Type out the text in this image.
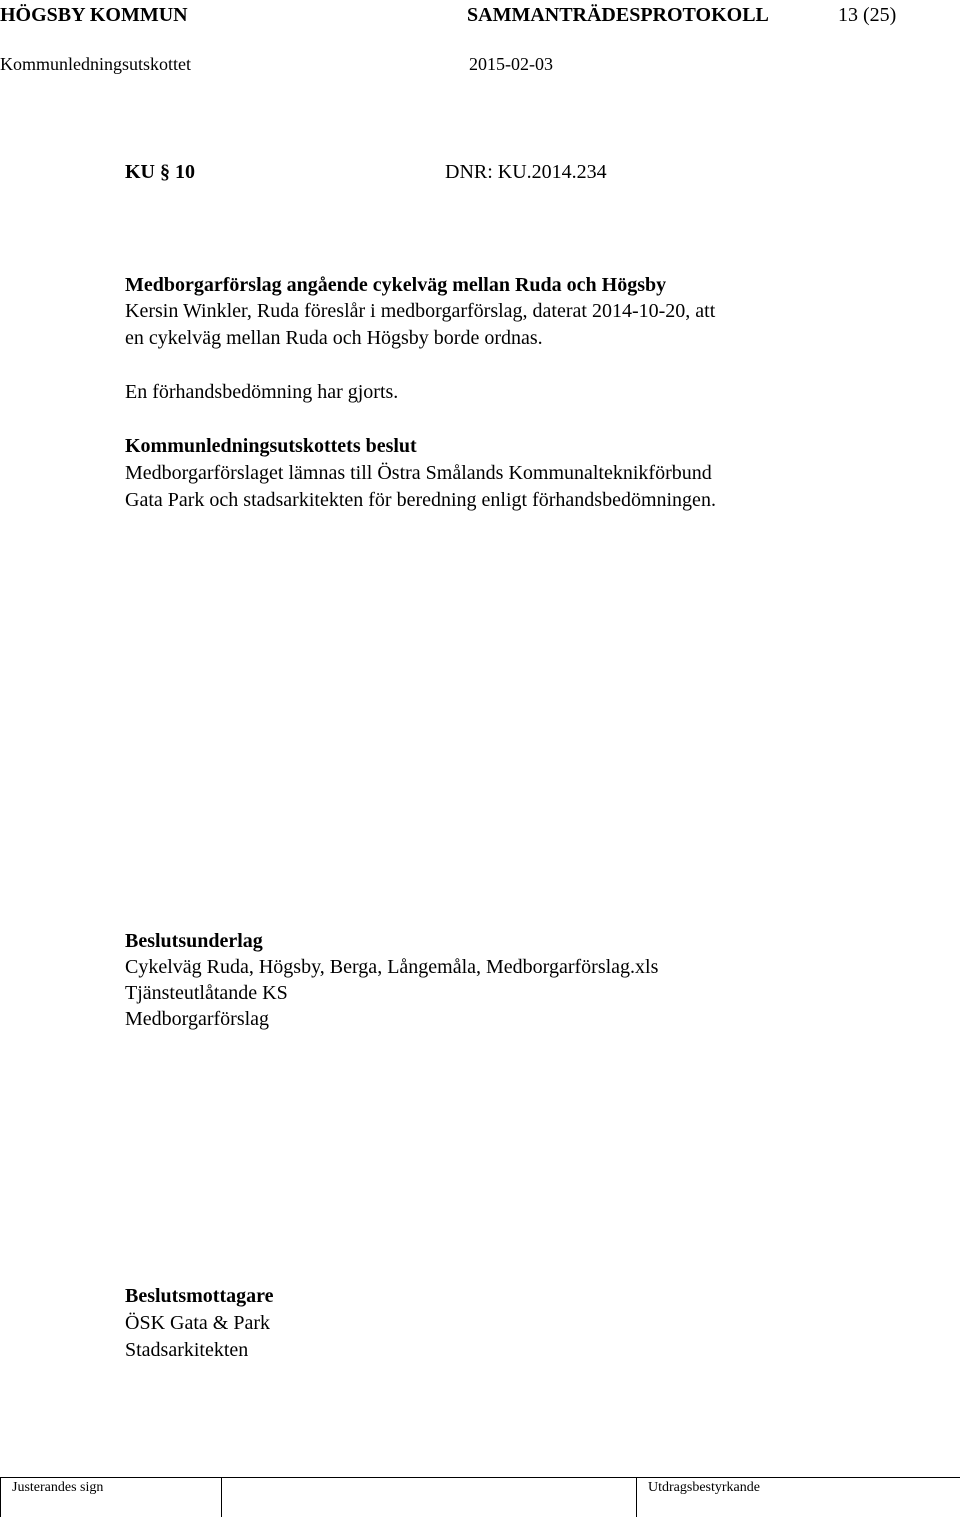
HÖGSBY KOMMUN	SAMMANTRÄDESPROTOKOLL	13 (25)
Kommunledningsutskottet	2015-02-03
KU § 10	DNR: KU.2014.234
Medborgarförslag angående cykelväg mellan Ruda och Högsby
Kersin Winkler, Ruda föreslår i medborgarförslag, daterat 2014-10-20, att
en cykelväg mellan Ruda och Högsby borde ordnas.
En förhandsbedömning har gjorts.
Kommunledningsutskottets beslut
Medborgarförslaget lämnas till Östra Smålands Kommunalteknikförbund
Gata Park och stadsarkitekten för beredning enligt förhandsbedömningen.
Beslutsunderlag
Cykelväg Ruda, Högsby, Berga, Långemåla, Medborgarförslag.xls
Tjänsteutlåtande KS
Medborgarförslag
Beslutsmottagare
ÖSK Gata & Park
Stadsarkitekten
Justerandes sign	Utdragsbestyrkande
